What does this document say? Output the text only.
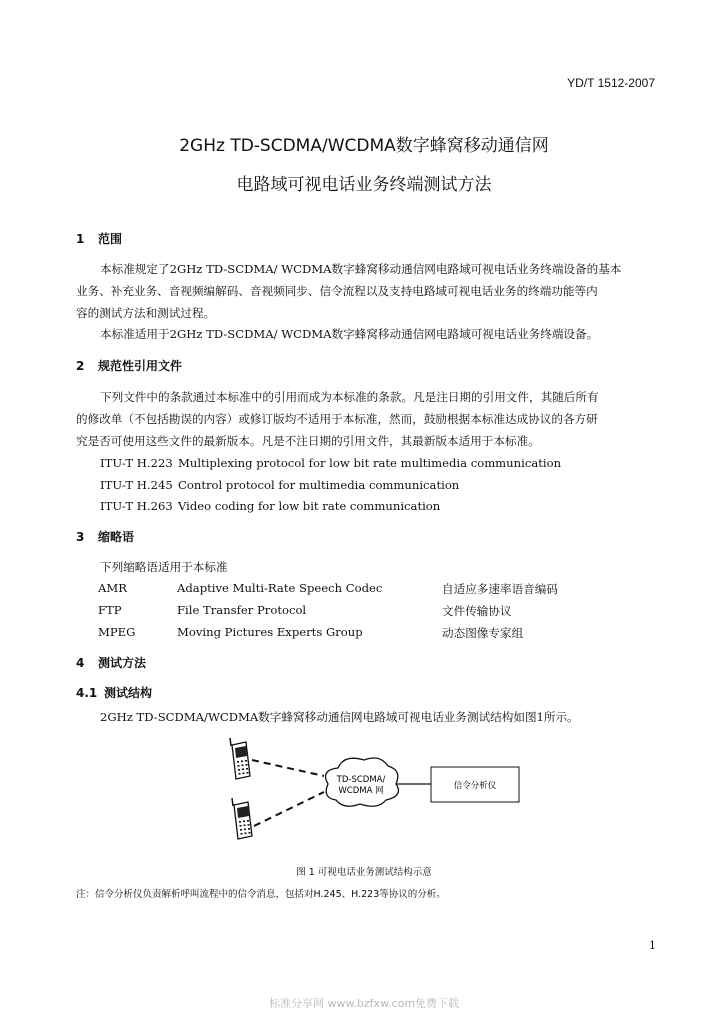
YD/T 1512-2007
2GHz TD-SCDMA/WCDMA数字蜂窝移动通信网
电路域可视电话业务终端测试方法
1 范围
本标准规定了2GHz TD-SCDMA/ WCDMA数字蜂窝移动通信网电路域可视电话业务终端设备的基本
业务、补充业务、音视频编解码、音视频同步、信令流程以及支持电路域可视电话业务的终端功能等内
容的测试方法和测试过程。
本标准适用于2GHz TD-SCDMA/ WCDMA数字蜂窝移动通信网电路域可视电话业务终端设备。
2 规范性引用文件
下列文件中的条款通过本标准中的引用而成为本标准的条款。凡是注日期的引用文件，其随后所有
的修改单（不包括勘误的内容）或修订版均不适用于本标准，然而，鼓励根据本标准达成协议的各方研
究是否可使用这些文件的最新版本。凡是不注日期的引用文件，其最新版本适用于本标准。
ITU-T H.223 Multiplexing protocol for low bit rate multimedia communication
ITU-T H.245 Control protocol for multimedia communication
ITU-T H.263 Video coding for low bit rate communication
3 缩略语
下列缩略语适用于本标准
AMR	Adaptive Multi-Rate Speech Codec	自适应多速率语音编码
FTP	File Transfer Protocol	文件传输协议
MPEG	Moving Pictures Experts Group	动态图像专家组
4 测试方法
4.1 测试结构
2GHz TD-SCDMA/WCDMA数字蜂窝移动通信网电路域可视电话业务测试结构如图1所示。
TD-SCDMA/
WCDMA 网	信令分析仪
图 1 可视电话业务测试结构示意
注：信令分析仪负责解析呼叫流程中的信令消息，包括对H.245、H.223等协议的分析。
1
标准分享网 www.bzfxw.com免费下载
